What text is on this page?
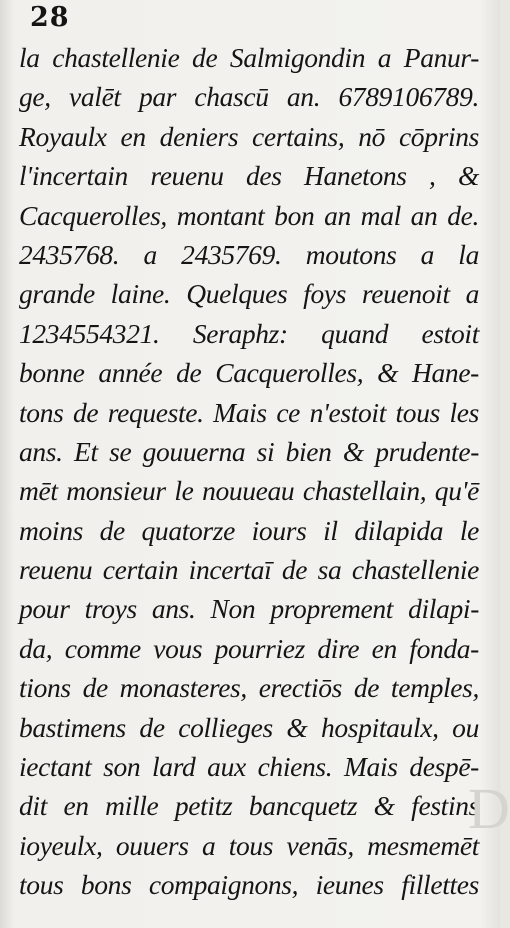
28
la chastellenie de Salmigondin a Panur-
ge, valēt par chascū an. 6789106789.
Royaulx en deniers certains, nō cōprins
l'incertain reuenu des Hanetons , &
Cacquerolles, montant bon an mal an de.
2435768. a 2435769. moutons a la
grande laine. Quelques foys reuenoit a
1234554321. Seraphz: quand estoit
bonne année de Cacquerolles, & Hane-
tons de requeste. Mais ce n'estoit tous les
ans. Et se gouuerna si bien & prudente-
mēt monsieur le nouueau chastellain, qu'ē
moins de quatorze iours il dilapida le
reuenu certain incertaī de sa chastellenie
pour troys ans. Non proprement dilapi-
da, comme vous pourriez dire en fonda-
tions de monasteres, erectiōs de temples,
bastimens de collieges & hospitaulx, ou
iectant son lard aux chiens. Mais despē-
dit en mille petitz bancquetz & festins
ioyeulx, ouuers a tous venās, mesmemēt
tous bons compaignons, ieunes fillettes
D
